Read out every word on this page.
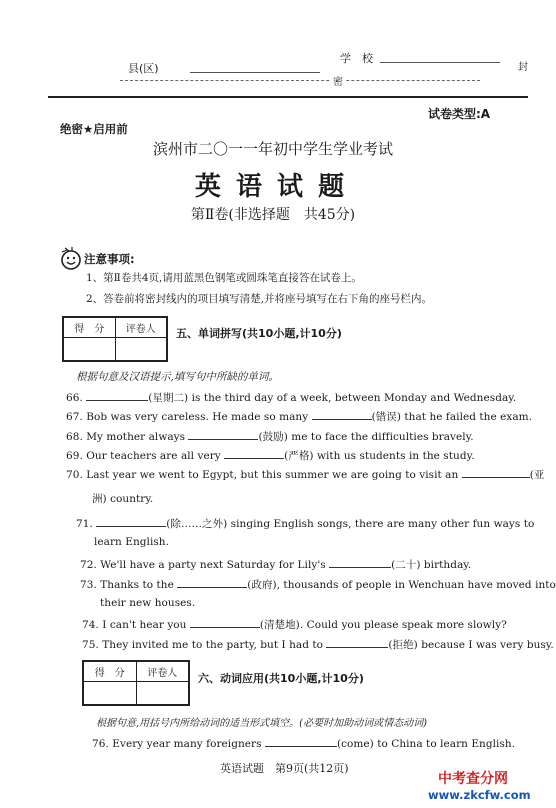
县(区)
学　校
密
封
试卷类型:A
绝密★启用前
滨州市二〇一一年初中学生学业考试
英 语 试 题
第Ⅱ卷(非选择题　共45分)
注意事项:
1、第Ⅱ卷共4页,请用蓝黑色钢笔或圆珠笔直接答在试卷上。
2、答卷前将密封线内的项目填写清楚,并将座号填写在右下角的座号栏内。
得　分	评卷人
	五、单词拼写(共10小题,计10分)
根据句意及汉语提示,填写句中所缺的单词。
66.	(星期二) is the third day of a week, between Monday and Wednesday.
67. Bob was very careless. He made so many	(错误) that he failed the exam.
68. My mother always	(鼓励) me to face the difficulties bravely.
69. Our teachers are all very	(严格) with us students in the study.
70. Last year we went to Egypt, but this summer we are going to visit an	(亚
洲) country.
71.	(除……之外) singing English songs, there are many other fun ways to
learn English.
72. We'll have a party next Saturday for Lily's	(二十) birthday.
73. Thanks to the	(政府), thousands of people in Wenchuan have moved into
their new houses.
74. I can't hear you	(清楚地). Could you please speak more slowly?
75. They invited me to the party, but I had to	(拒绝) because I was very busy.
得　分	评卷人
	六、动词应用(共10小题,计10分)
根据句意,用括号内所给动词的适当形式填空。(必要时加助动词或情态动词)
76. Every year many foreigners	(come) to China to learn English.
英语试题　第9页(共12页)
中考查分网
www.zkcfw.com
